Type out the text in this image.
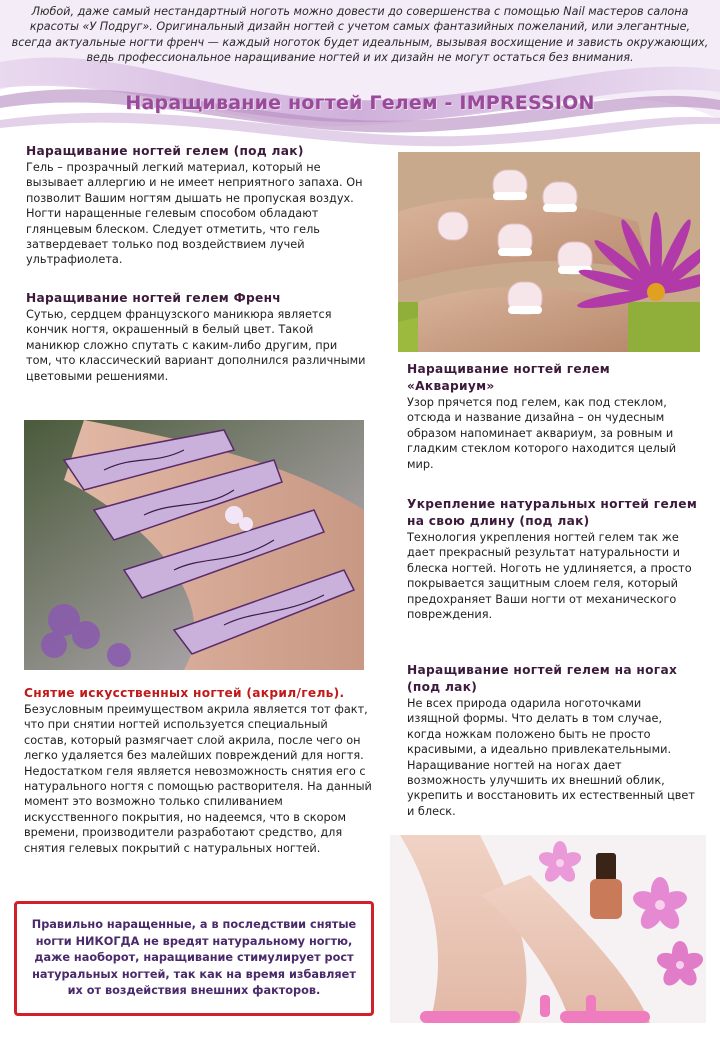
Любой, даже самый нестандартный ноготь можно довести до совершенства с помощью Nail мастеров салона красоты «У Подруг». Оригинальный дизайн ногтей с учетом самых фантазийных пожеланий, или элегантные, всегда актуальные ногти френч — каждый ноготок будет идеальным, вызывая восхищение и зависть окружающих, ведь профессиональное наращивание ногтей и их дизайн не могут остаться без внимания.

Наращивание ногтей Гелем - IMPRESSION
Наращивание ногтей гелем (под лак)

Гель – прозрачный легкий материал, который не вызывает аллергию и не имеет неприятного запаха. Он позволит Вашим ногтям дышать не пропуская воздух. Ногти наращенные гелевым способом обладают глянцевым блеском. Следует отметить, что гель затвердевает только под воздействием лучей ультрафиолета.

Наращивание ногтей гелем Френч

Сутью, сердцем французского маникюра является кончик ногтя, окрашенный в белый цвет. Такой маникюр сложно спутать с каким-либо другим, при том, что классический вариант дополнился различными цветовыми решениями.

Наращивание ногтей гелем «Аквариум»

Узор прячется под гелем, как под стеклом, отсюда и название дизайна – он чудесным образом напоминает аквариум, за ровным и гладким стеклом которого находится целый мир.

Укрепление натуральных ногтей гелем на свою длину (под лак)

Технология укрепления ногтей гелем так же дает прекрасный результат натуральности и блеска ногтей. Ноготь не удлиняется, а просто покрывается защитным слоем геля, который предохраняет Ваши ногти от механического повреждения.

Наращивание ногтей гелем на ногах (под лак)

Не всех природа одарила ноготочками изящной формы. Что делать в том случае, когда ножкам положено быть не просто красивыми, а идеально привлекательными. Наращивание ногтей на ногах дает возможность улучшить их внешний облик, укрепить и восстановить их естественный цвет и блеск.

Снятие искусственных ногтей (акрил/гель).

Безусловным преимуществом акрила является тот факт, что при снятии ногтей используется специальный состав, который размягчает слой акрила, после чего он легко удаляется без малейших повреждений для ногтя. Недостатком геля является невозможность снятия его с натурального ногтя с помощью растворителя. На данный момент это возможно только спиливанием искусственного покрытия, но надеемся, что в скором времени, производители разработают средство, для снятия гелевых покрытий с натуральных ногтей.

Правильно наращенные, а в последствии снятые ногти НИКОГДА не вредят натуральному ногтю, даже наоборот, наращивание стимулирует рост натуральных ногтей, так как на время избавляет их от воздействия внешних факторов.
